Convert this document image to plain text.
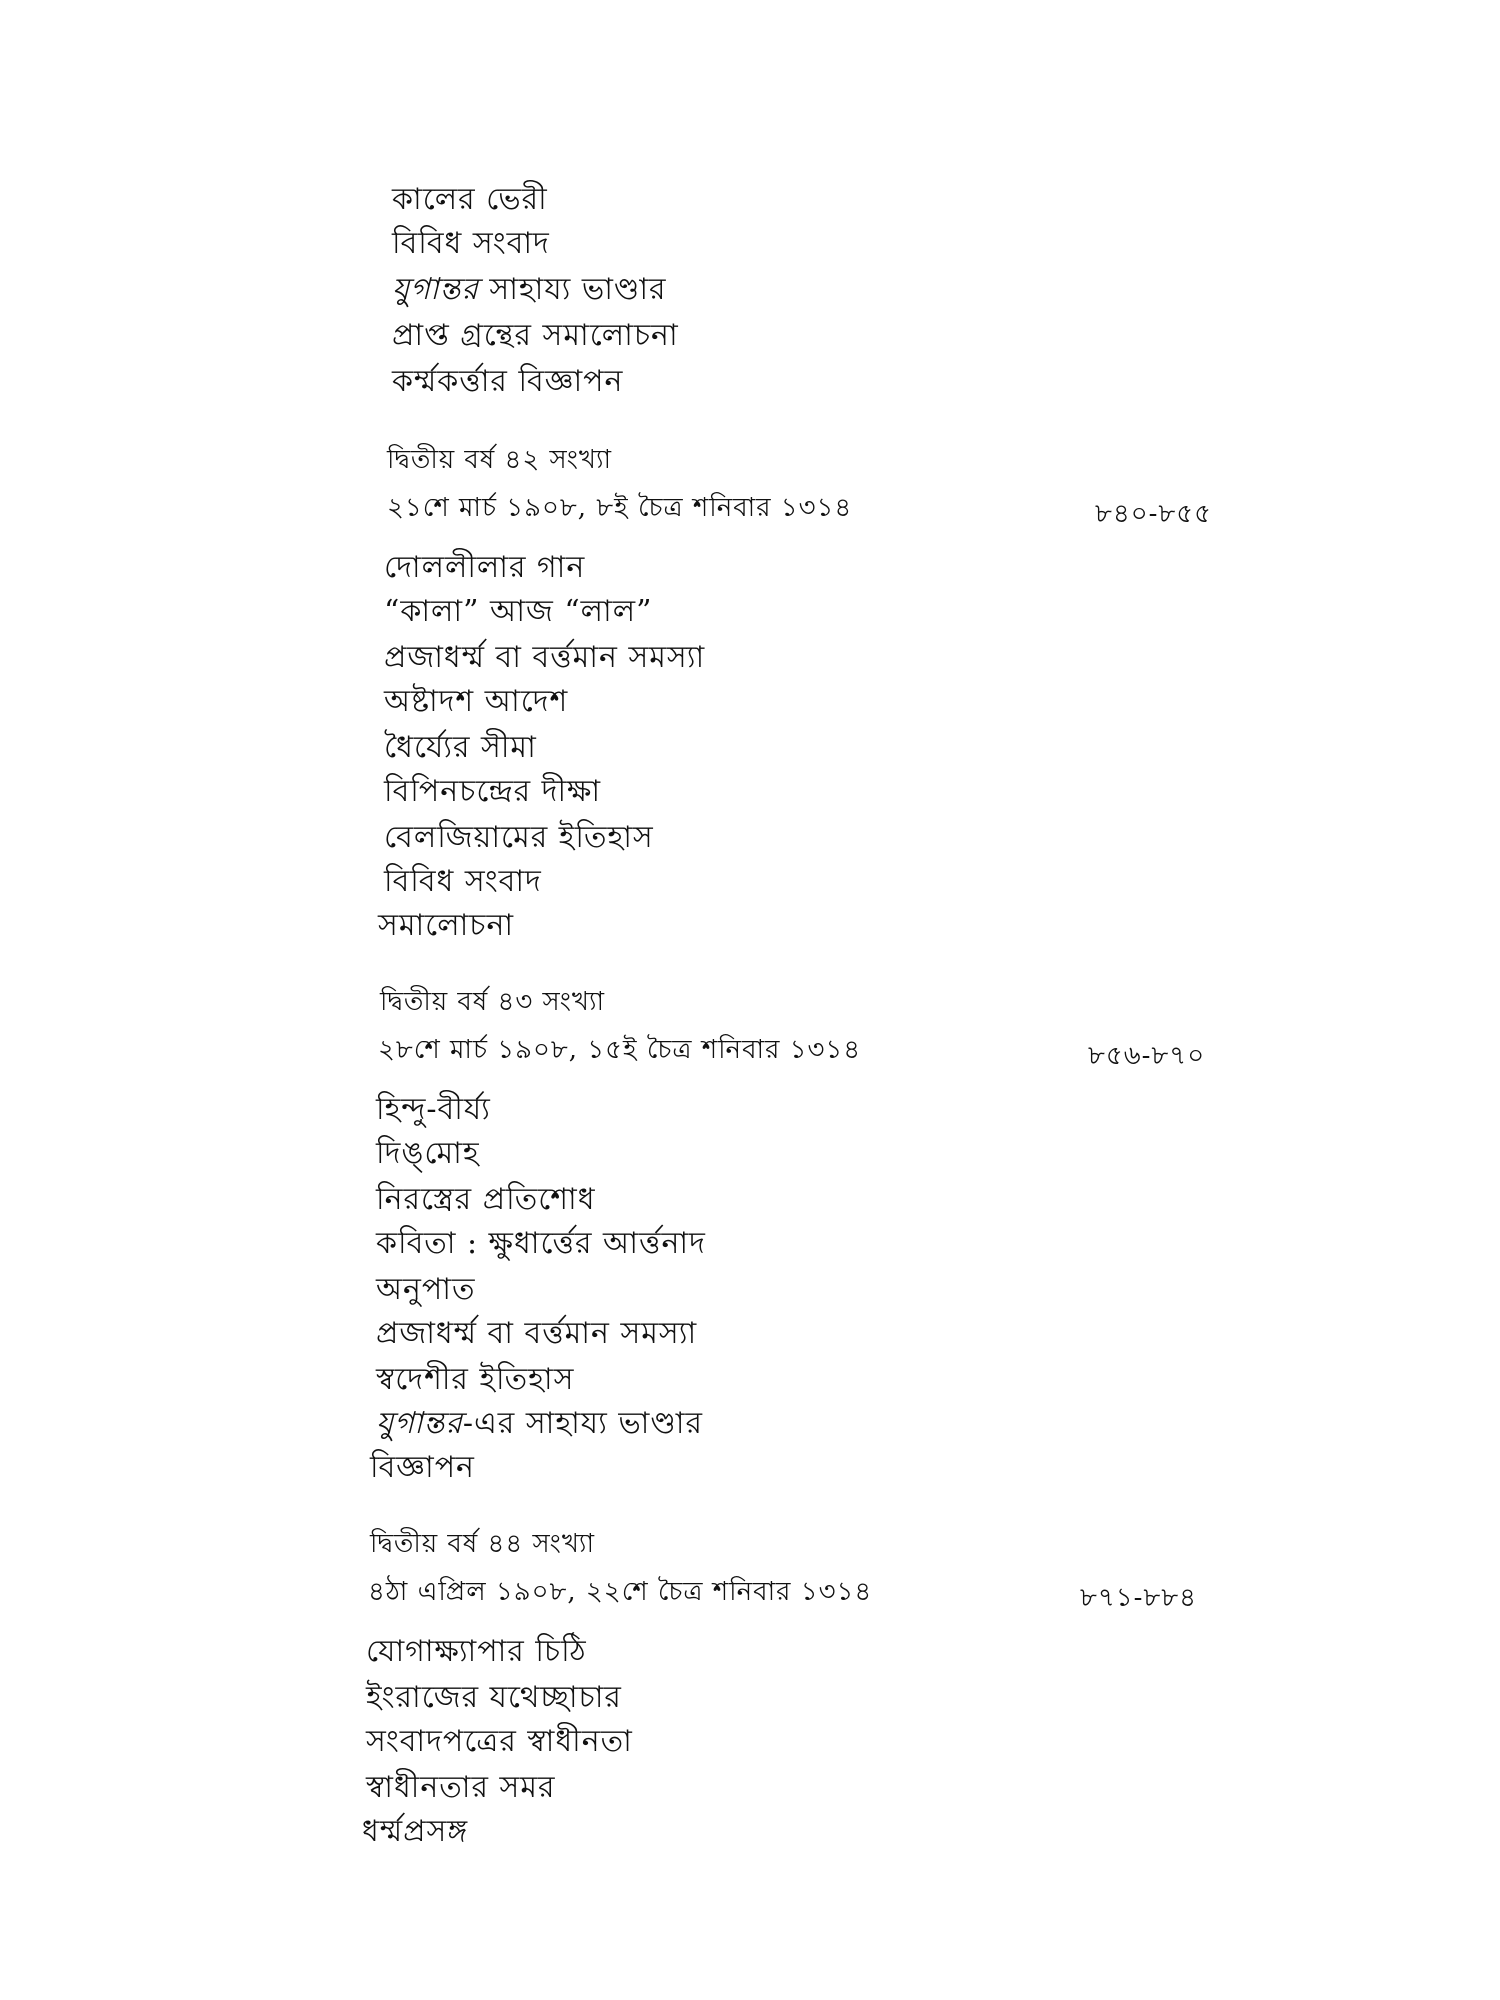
কালের ভেরী
বিবিধ সংবাদ
যুগান্তর সাহায্য ভাণ্ডার
প্রাপ্ত গ্রন্থের সমালোচনা
কর্ম্মকর্ত্তার বিজ্ঞাপন
দ্বিতীয় বর্ষ ৪২ সংখ্যা
২১শে মার্চ ১৯০৮, ৮ই চৈত্র শনিবার ১৩১৪	৮৪০-৮৫৫
দোললীলার গান
“কালা” আজ “লাল”
প্রজাধর্ম্ম বা বর্ত্তমান সমস্যা
অষ্টাদশ আদেশ
ধৈর্য্যের সীমা
বিপিনচন্দ্রের দীক্ষা
বেলজিয়ামের ইতিহাস
বিবিধ সংবাদ
সমালোচনা
দ্বিতীয় বর্ষ ৪৩ সংখ্যা
২৮শে মার্চ ১৯০৮, ১৫ই চৈত্র শনিবার ১৩১৪	৮৫৬-৮৭০
হিন্দু-বীর্য্য
দিঙ্‌মোহ
নিরস্ত্রের প্রতিশোধ
কবিতা : ক্ষুধার্ত্তের আর্ত্তনাদ
অনুপাত
প্রজাধর্ম্ম বা বর্ত্তমান সমস্যা
স্বদেশীর ইতিহাস
যুগান্তর-এর সাহায্য ভাণ্ডার
বিজ্ঞাপন
দ্বিতীয় বর্ষ ৪৪ সংখ্যা
৪ঠা এপ্রিল ১৯০৮, ২২শে চৈত্র শনিবার ১৩১৪	৮৭১-৮৮৪
যোগাক্ষ্যাপার চিঠি
ইংরাজের যথেচ্ছাচার
সংবাদপত্রের স্বাধীনতা
স্বাধীনতার সমর
ধর্ম্মপ্রসঙ্গ
